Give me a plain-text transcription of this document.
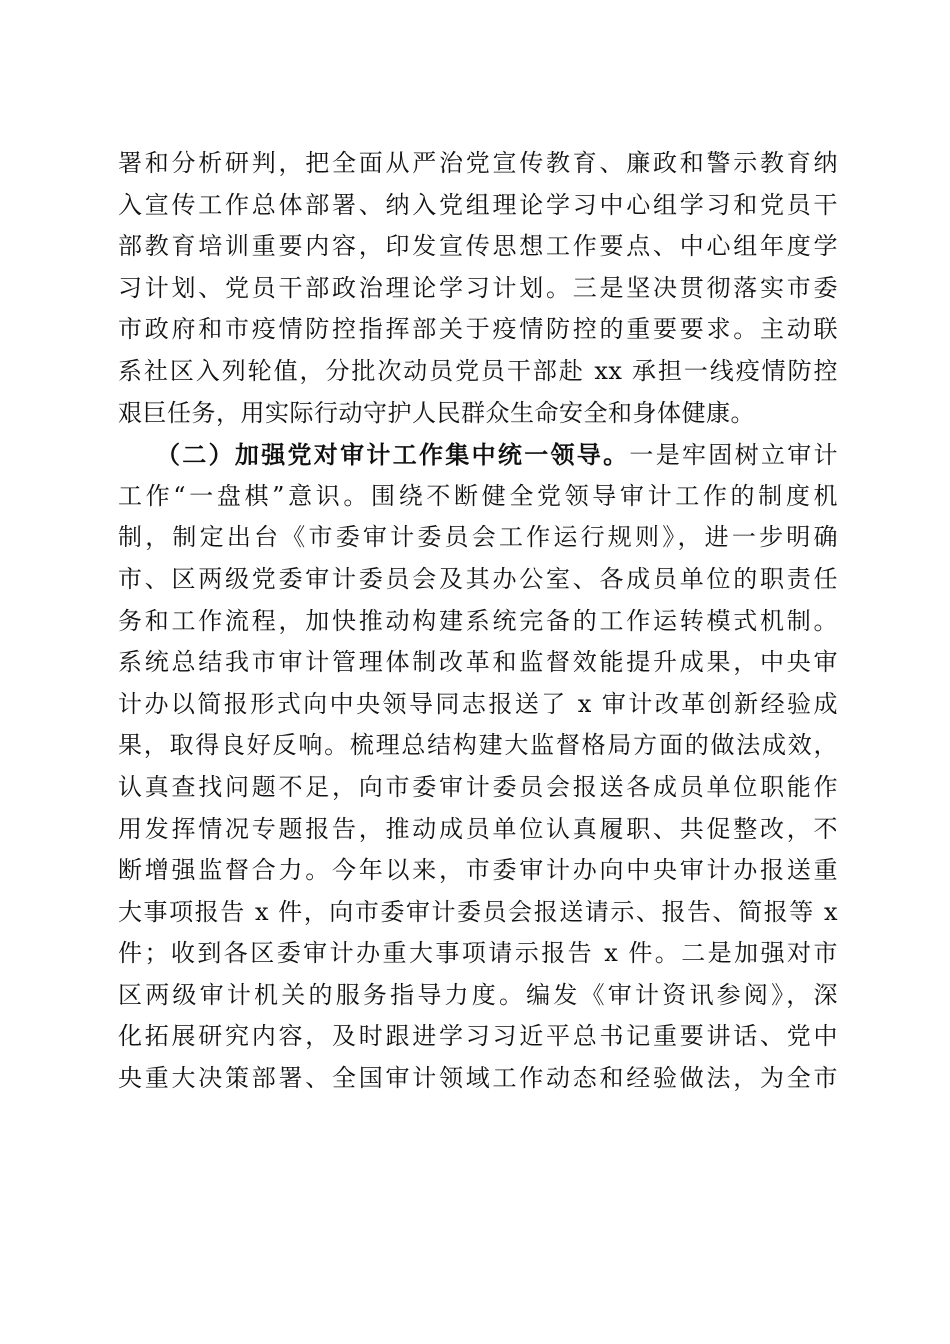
署和分析研判，把全面从严治党宣传教育、廉政和警示教育纳
入宣传工作总体部署、纳入党组理论学习中心组学习和党员干
部教育培训重要内容，印发宣传思想工作要点、中心组年度学
习计划、党员干部政治理论学习计划。三是坚决贯彻落实市委
市政府和市疫情防控指挥部关于疫情防控的重要要求。主动联
系社区入列轮值，分批次动员党员干部赴 xx 承担一线疫情防控
艰巨任务，用实际行动守护人民群众生命安全和身体健康。
（二）加强党对审计工作集中统一领导。一是牢固树立审计
工作“一盘棋”意识。围绕不断健全党领导审计工作的制度机
制，制定出台《市委审计委员会工作运行规则》，进一步明确
市、区两级党委审计委员会及其办公室、各成员单位的职责任
务和工作流程，加快推动构建系统完备的工作运转模式机制。
系统总结我市审计管理体制改革和监督效能提升成果，中央审
计办以简报形式向中央领导同志报送了 x 审计改革创新经验成
果，取得良好反响。梳理总结构建大监督格局方面的做法成效，
认真查找问题不足，向市委审计委员会报送各成员单位职能作
用发挥情况专题报告，推动成员单位认真履职、共促整改，不
断增强监督合力。今年以来，市委审计办向中央审计办报送重
大事项报告 x 件，向市委审计委员会报送请示、报告、简报等 x
件；收到各区委审计办重大事项请示报告 x 件。二是加强对市
区两级审计机关的服务指导力度。编发《审计资讯参阅》，深
化拓展研究内容，及时跟进学习习近平总书记重要讲话、党中
央重大决策部署、全国审计领域工作动态和经验做法，为全市
